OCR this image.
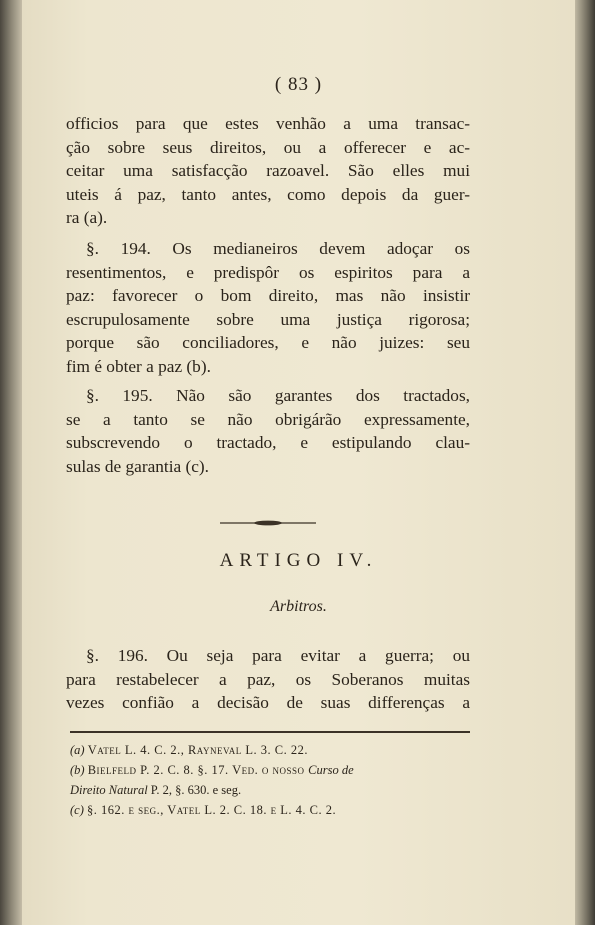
( 83 )
officios para que estes venhão a uma transac-
ção sobre seus direitos, ou a offerecer e ac-
ceitar uma satisfacção razoavel. São elles mui
uteis á paz, tanto antes, como depois da guer-
ra (a).
§. 194. Os medianeiros devem adoçar os
resentimentos, e predispôr os espiritos para a
paz: favorecer o bom direito, mas não insistir
escrupulosamente sobre uma justiça rigorosa;
porque são conciliadores, e não juizes: seu
fim é obter a paz (b).
§. 195. Não são garantes dos tractados,
se a tanto se não obrigárão expressamente,
subscrevendo o tractado, e estipulando clau-
sulas de garantia (c).
ARTIGO IV.
Arbitros.
§. 196. Ou seja para evitar a guerra; ou
para restabelecer a paz, os Soberanos muitas
vezes confião a decisão de suas differenças a
(a) Vatel L. 4. C. 2., Rayneval L. 3. C. 22.
(b) Bielfeld P. 2. C. 8. §. 17. Ved. o nosso Curso de
Direito Natural P. 2, §. 630. e seg.
(c) §. 162. e seg., Vatel L. 2. C. 18. e L. 4. C. 2.
